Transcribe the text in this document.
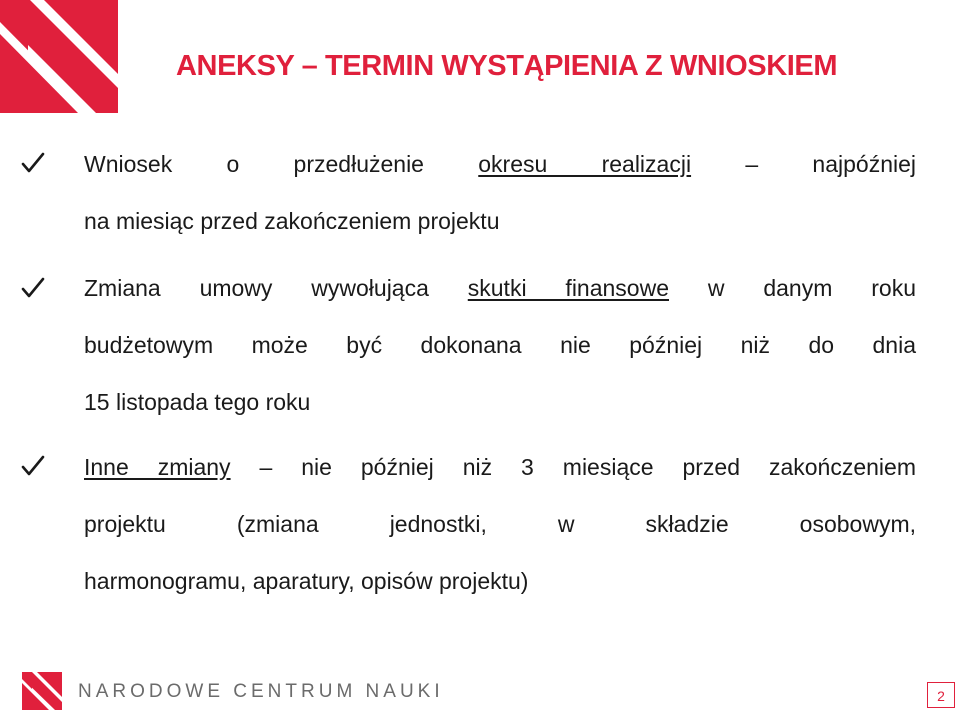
ANEKSY – TERMIN WYSTĄPIENIA Z WNIOSKIEM
Wniosek o przedłużenie okresu realizacji – najpóźniej
na miesiąc przed zakończeniem projektu
Zmiana umowy wywołująca skutki finansowe w danym roku
budżetowym może być dokonana nie później niż do dnia
15 listopada tego roku
Inne zmiany – nie później niż 3 miesiące przed zakończeniem
projektu (zmiana jednostki, w składzie osobowym,
harmonogramu, aparatury, opisów projektu)
NARODOWE CENTRUM NAUKI	2
